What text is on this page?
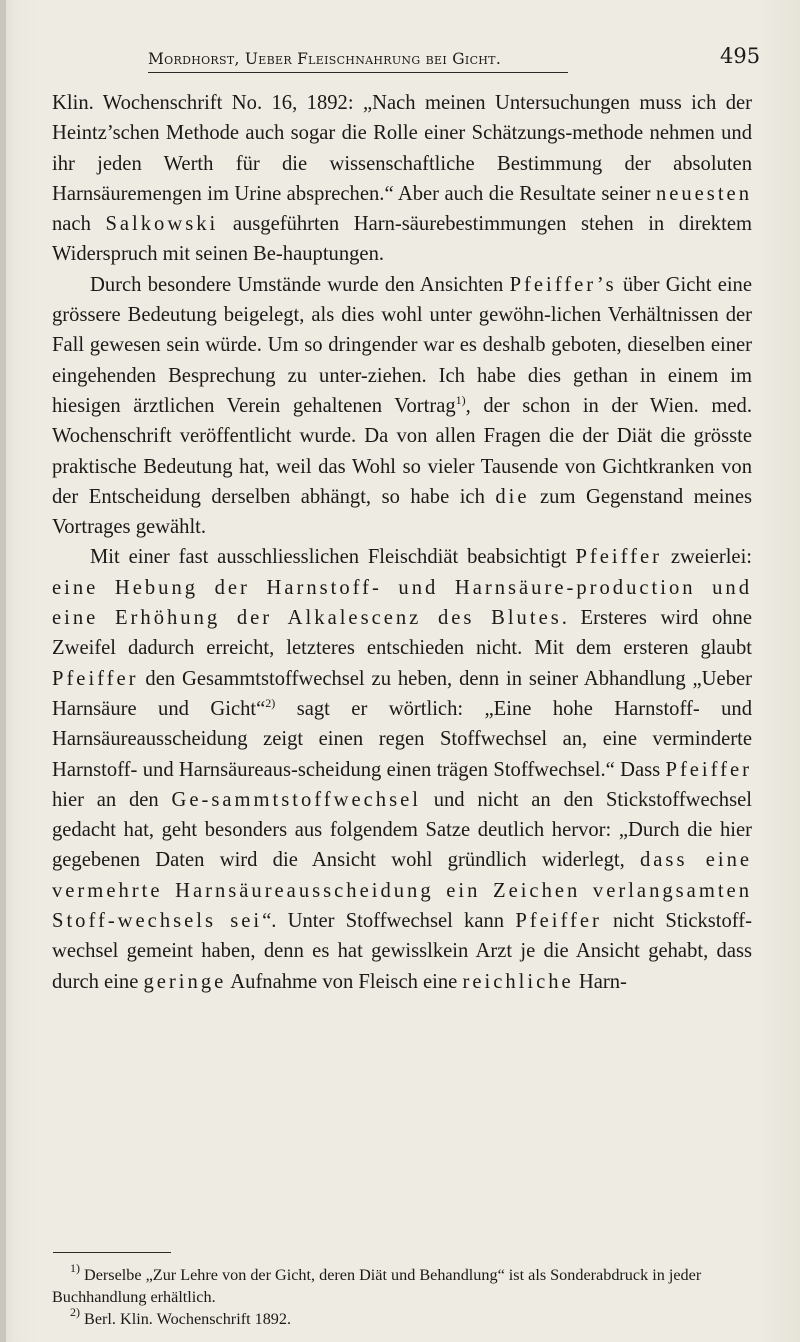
Mordhorst, Ueber Fleischnahrung bei Gicht.	495

Klin. Wochenschrift No. 16, 1892: „Nach meinen Untersuchungen muss ich der Heintz’schen Methode auch sogar die Rolle einer Schätzungs-methode nehmen und ihr jeden Werth für die wissenschaftliche Bestimmung der absoluten Harnsäuremengen im Urine absprechen.“ Aber auch die Resultate seiner neuesten nach Salkowski ausgeführten Harn-säurebestimmungen stehen in direktem Widerspruch mit seinen Be-hauptungen.

Durch besondere Umstände wurde den Ansichten Pfeiffer’s über Gicht eine grössere Bedeutung beigelegt, als dies wohl unter gewöhn-lichen Verhältnissen der Fall gewesen sein würde. Um so dringender war es deshalb geboten, dieselben einer eingehenden Besprechung zu unter-ziehen. Ich habe dies gethan in einem im hiesigen ärztlichen Verein gehaltenen Vortrag$^{1)}$, der schon in der Wien. med. Wochenschrift veröffentlicht wurde. Da von allen Fragen die der Diät die grösste praktische Bedeutung hat, weil das Wohl so vieler Tausende von Gichtkranken von der Entscheidung derselben abhängt, so habe ich die zum Gegenstand meines Vortrages gewählt.

Mit einer fast ausschliesslichen Fleischdiät beabsichtigt Pfeiffer zweierlei: eine Hebung der Harnstoff- und Harnsäure-production und eine Erhöhung der Alkalescenz des Blutes. Ersteres wird ohne Zweifel dadurch erreicht, letzteres entschieden nicht. Mit dem ersteren glaubt Pfeiffer den Gesammtstoffwechsel zu heben, denn in seiner Abhandlung „Ueber Harnsäure und Gicht“$^{2)}$ sagt er wörtlich: „Eine hohe Harnstoff- und Harnsäureausscheidung zeigt einen regen Stoffwechsel an, eine verminderte Harnstoff- und Harnsäureaus-scheidung einen trägen Stoffwechsel.“ Dass Pfeiffer hier an den Ge-sammtstoffwechsel und nicht an den Stickstoffwechsel gedacht hat, geht besonders aus folgendem Satze deutlich hervor: „Durch die hier gegebenen Daten wird die Ansicht wohl gründlich widerlegt, dass eine vermehrte Harnsäureausscheidung ein Zeichen verlangsamten Stoff-wechsels sei“. Unter Stoffwechsel kann Pfeiffer nicht Stickstoff-wechsel gemeint haben, denn es hat gewisslkein Arzt je die Ansicht gehabt, dass durch eine geringe Aufnahme von Fleisch eine reichliche Harn-

$^{1)}$ Derselbe „Zur Lehre von der Gicht, deren Diät und Behandlung“ ist als Sonderabdruck in jeder Buchhandlung erhältlich.

$^{2)}$ Berl. Klin. Wochenschrift 1892.
